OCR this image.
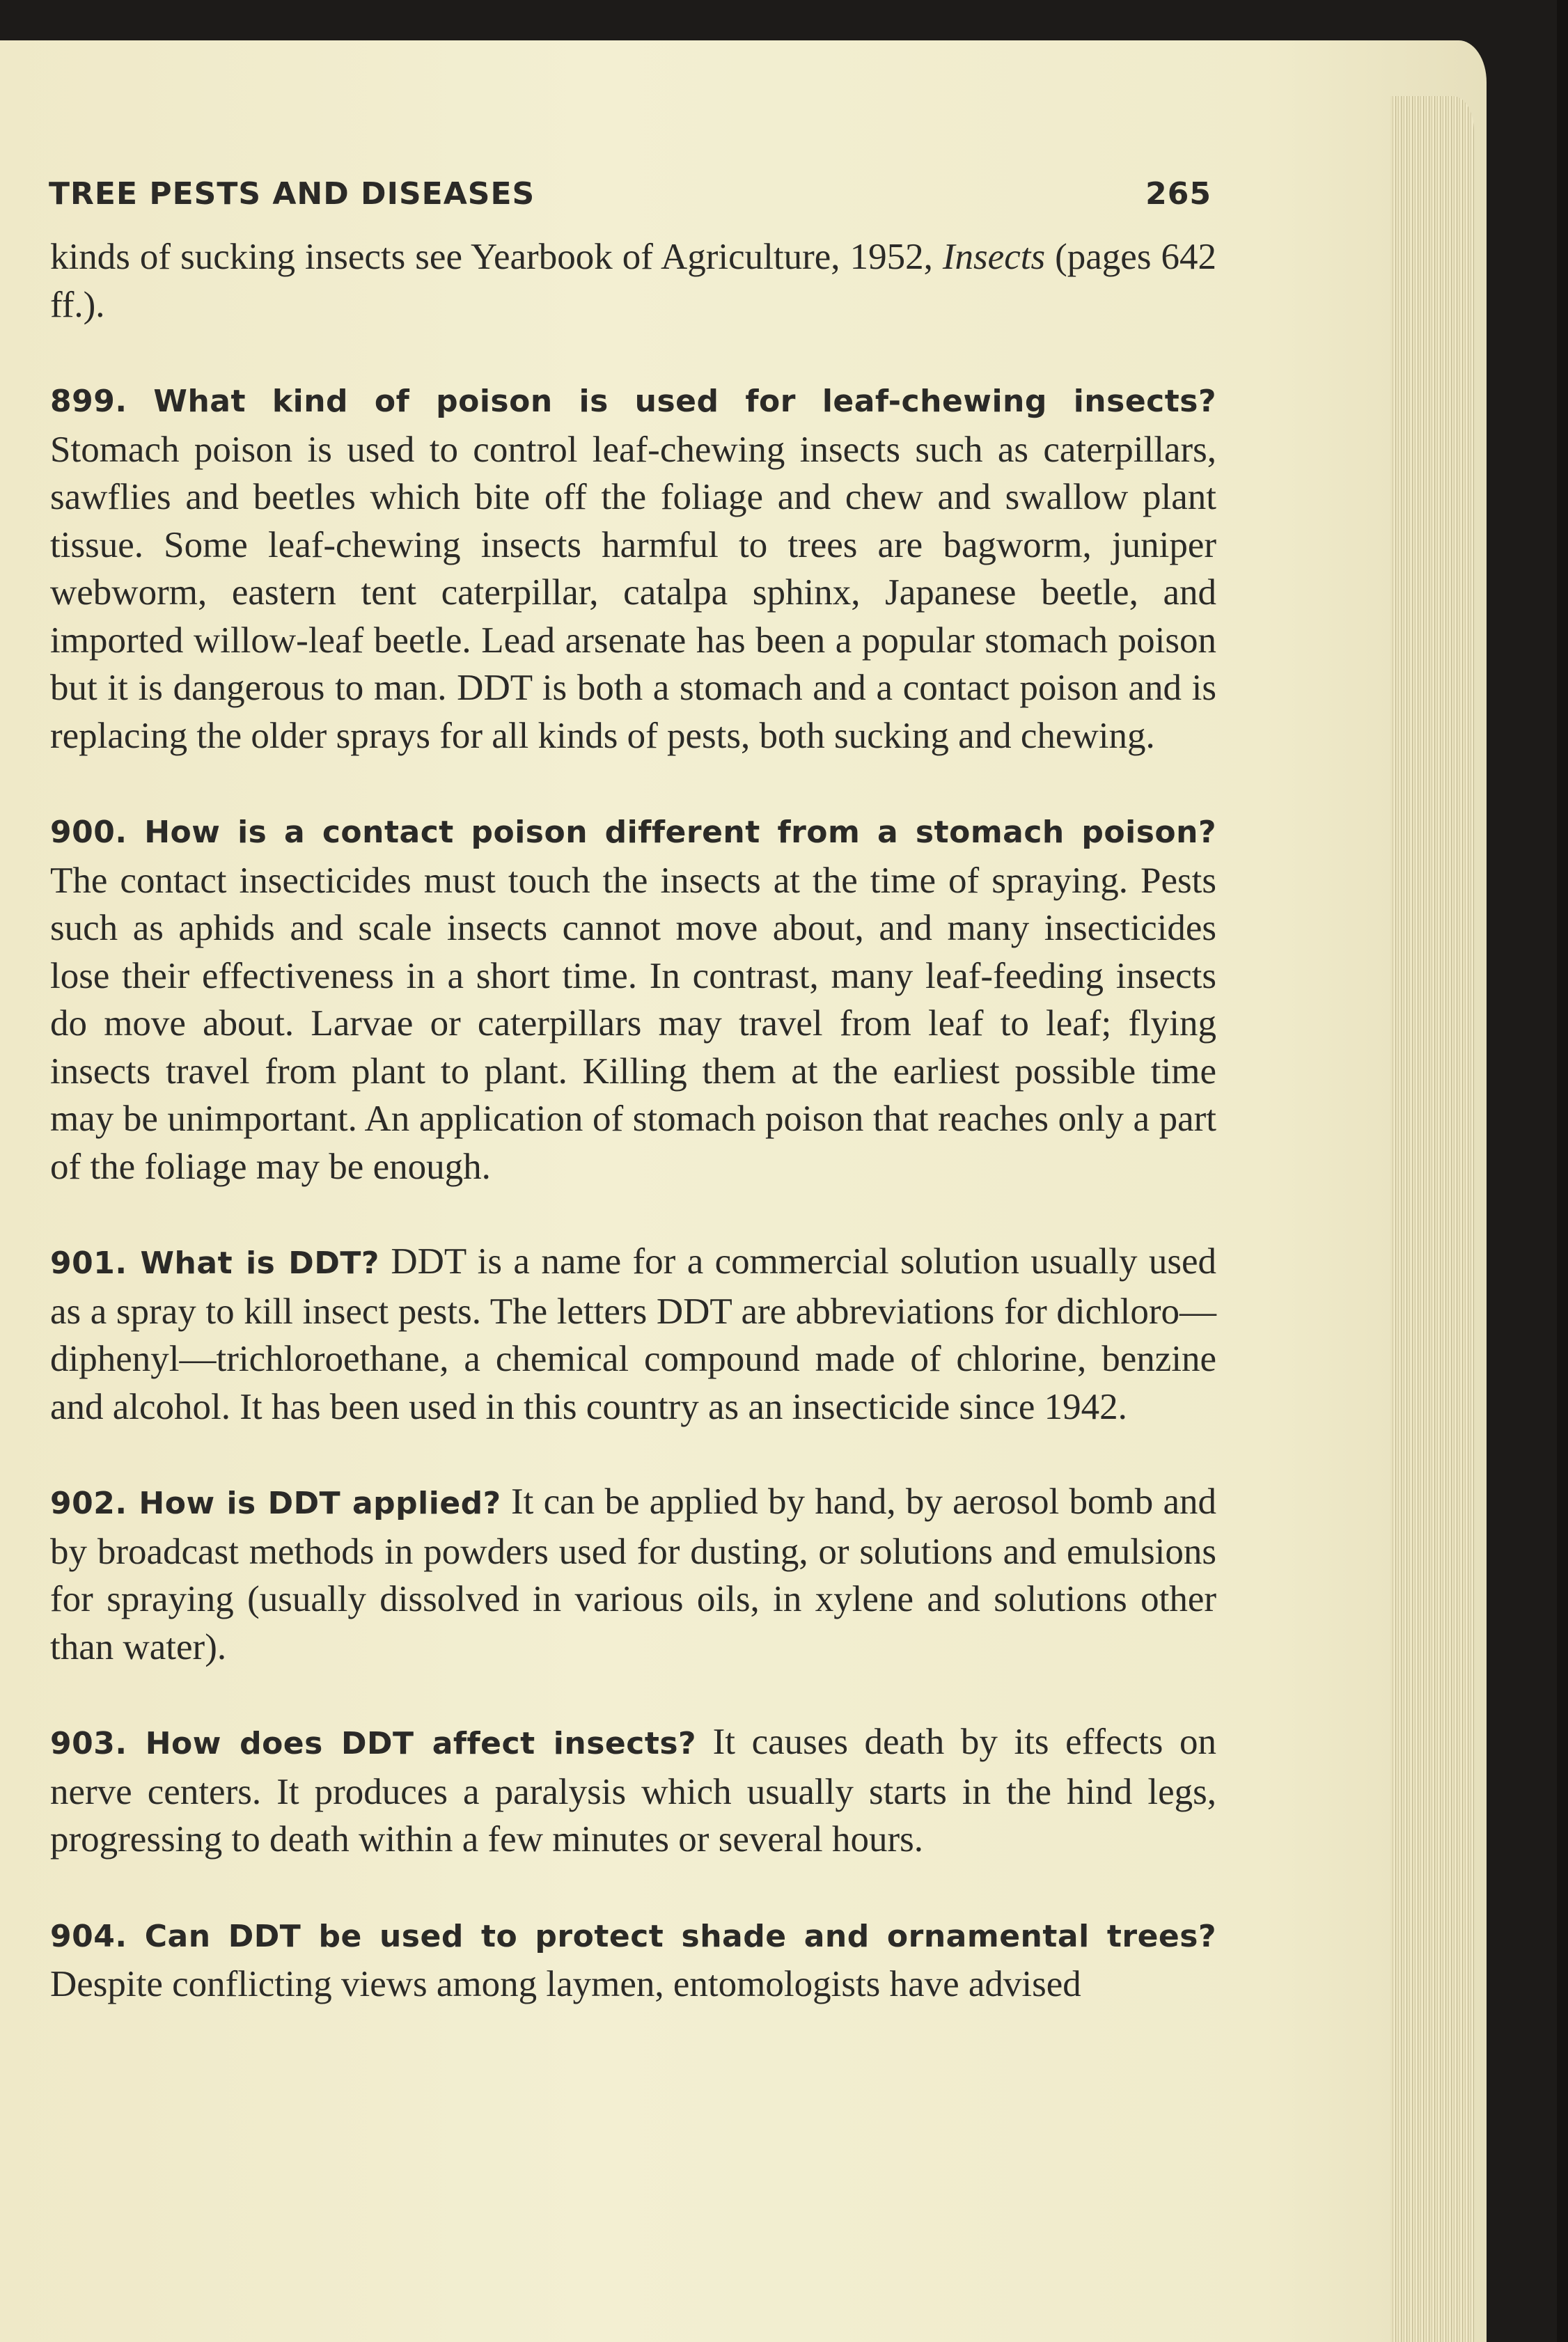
TREE PESTS AND DISEASES	265

kinds of sucking insects see Yearbook of Agriculture, 1952, Insects (pages 642 ff.).

899. What kind of poison is used for leaf-chewing insects? Stomach poison is used to control leaf-chewing insects such as caterpillars, sawflies and beetles which bite off the foliage and chew and swallow plant tissue. Some leaf-chewing insects harmful to trees are bagworm, juniper webworm, eastern tent caterpillar, catalpa sphinx, Japanese beetle, and imported willow-leaf beetle. Lead arsenate has been a popular stomach poison but it is dangerous to man. DDT is both a stomach and a contact poison and is replacing the older sprays for all kinds of pests, both sucking and chewing.

900. How is a contact poison different from a stomach poison? The contact insecticides must touch the insects at the time of spraying. Pests such as aphids and scale insects cannot move about, and many insecticides lose their effectiveness in a short time. In contrast, many leaf-feeding insects do move about. Larvae or caterpillars may travel from leaf to leaf; flying insects travel from plant to plant. Killing them at the earliest possible time may be unimportant. An application of stomach poison that reaches only a part of the foliage may be enough.

901. What is DDT? DDT is a name for a commercial solution usually used as a spray to kill insect pests. The letters DDT are abbreviations for dichloro—diphenyl—trichloroethane, a chemical compound made of chlorine, benzine and alcohol. It has been used in this country as an insecticide since 1942.

902. How is DDT applied? It can be applied by hand, by aerosol bomb and by broadcast methods in powders used for dusting, or solutions and emulsions for spraying (usually dissolved in various oils, in xylene and solutions other than water).

903. How does DDT affect insects? It causes death by its effects on nerve centers. It produces a paralysis which usually starts in the hind legs, progressing to death within a few minutes or several hours.

904. Can DDT be used to protect shade and ornamental trees? Despite conflicting views among laymen, entomologists have advised
